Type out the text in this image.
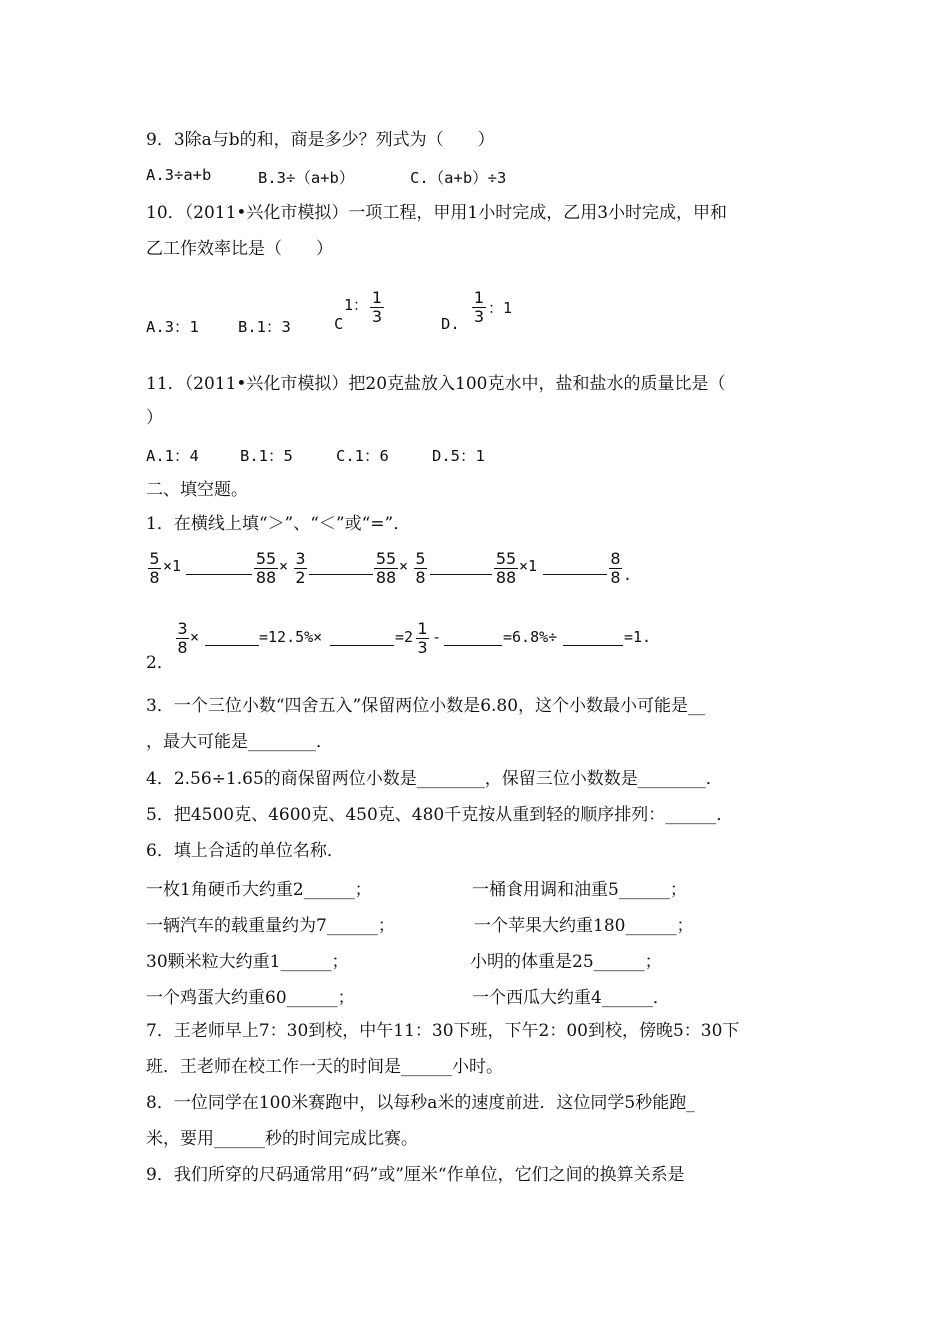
9．3除a与b的和，商是多少？列式为（　　）
A.3÷a+b	B.3÷（a+b）	C.（a+b）÷3
10．（2011•兴化市模拟）一项工程，甲用1小时完成，乙用3小时完成，甲和
乙工作效率比是（　　）
A.3：1	B.1：3	C
1： $\frac{1}{3}$	D. $\frac{1}{3}$ ：1
11．（2011•兴化市模拟）把20克盐放入100克水中，盐和盐水的质量比是（
）
A.1：4	B.1：5	C.1：6	D.5：1
二、填空题。
1．在横线上填“＞”、“＜”或“=”．
$\frac{5}{8} \times 1$	$\frac{55}{88} \times \frac{3}{2}$	$\frac{55}{88} \times \frac{5}{8}$	$\frac{55}{88} \times 1$	$\frac{8}{8}$ .
2．
$\frac{3}{8}$ ×	=12.5%×	$=2 \frac{1}{3}$ -	=6.8%÷	=1.
3．一个三位小数“四舍五入”保留两位小数是6.80，这个小数最小可能是__
，最大可能是________．
4．2.56÷1.65的商保留两位小数是________，保留三位小数数是________．
5．把4500克、4600克、450克、480千克按从重到轻的顺序排列：______．
6．填上合适的单位名称．
一枚1角硬币大约重2______；	一桶食用调和油重5______；
一辆汽车的载重量约为7______；	一个苹果大约重180______；
30颗米粒大约重1______；	小明的体重是25______；
一个鸡蛋大约重60______；	一个西瓜大约重4______．
7．王老师早上7：30到校，中午11：30下班，下午2：00到校，傍晚5：30下
班．王老师在校工作一天的时间是______小时。
8．一位同学在100米赛跑中，以每秒a米的速度前进．这位同学5秒能跑_
米，要用______秒的时间完成比赛。
9．我们所穿的尺码通常用“码”或”厘米“作单位，它们之间的换算关系是
